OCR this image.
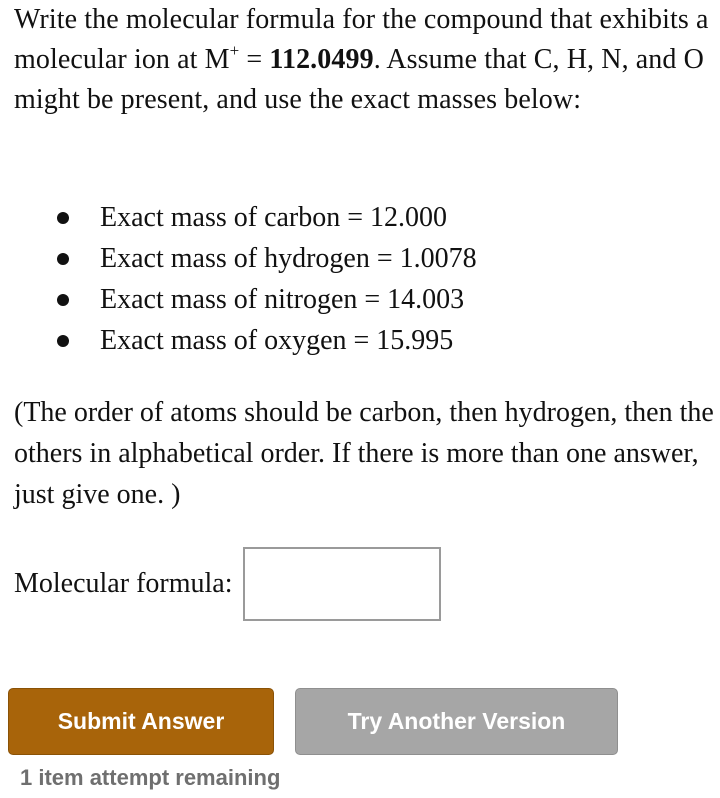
Write the molecular formula for the compound that exhibits a molecular ion at M+ = 112.0499. Assume that C, H, N, and O might be present, and use the exact masses below:

Exact mass of carbon = 12.000
Exact mass of hydrogen = 1.0078
Exact mass of nitrogen = 14.003
Exact mass of oxygen = 15.995

(The order of atoms should be carbon, then hydrogen, then the others in alphabetical order. If there is more than one answer, just give one. )

Molecular formula:
Submit Answer	Try Another Version
1 item attempt remaining
